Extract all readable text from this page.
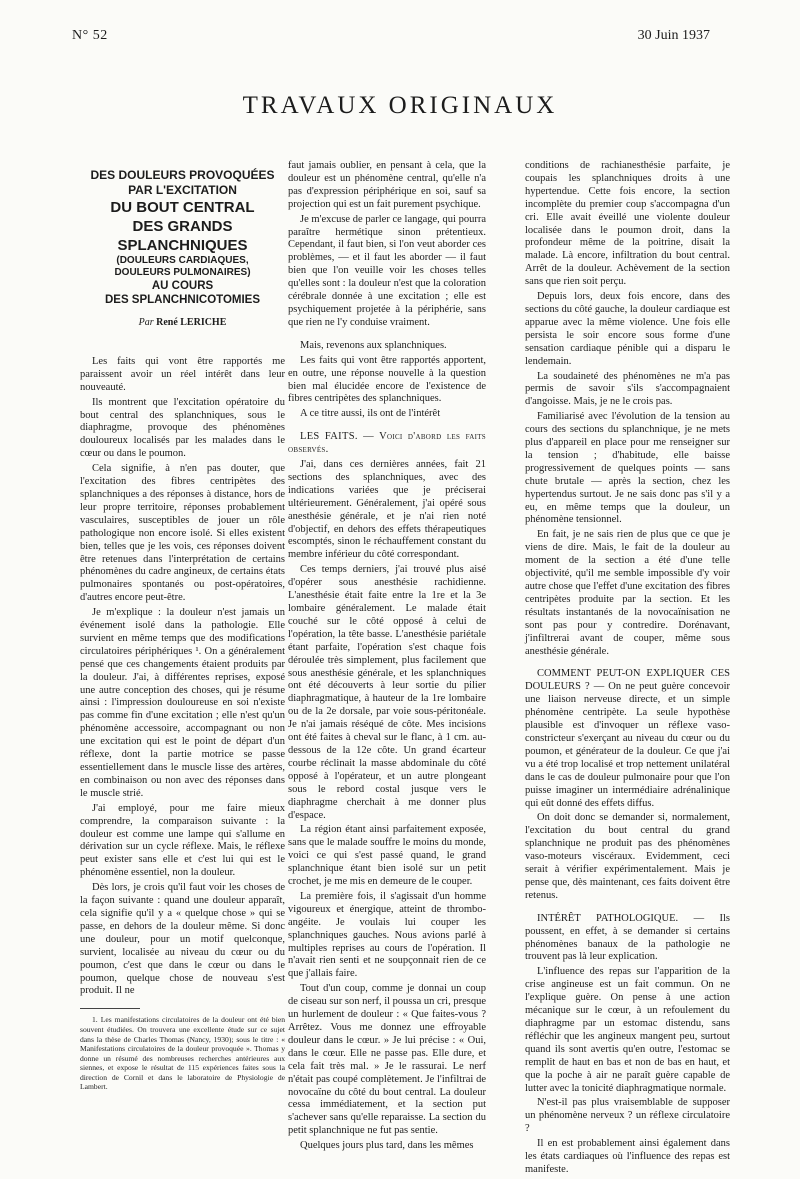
N° 52	30 Juin 1937
TRAVAUX ORIGINAUX
DES DOULEURS PROVOQUÉES
PAR L'EXCITATION
DU BOUT CENTRAL
DES GRANDS SPLANCHNIQUES
(DOULEURS CARDIAQUES,
DOULEURS PULMONAIRES)
AU COURS
DES SPLANCHNICOTOMIES
Par René LERICHE

Les faits qui vont être rapportés me paraissent avoir un réel intérêt dans leur nouveauté.

Ils montrent que l'excitation opératoire du bout central des splanchniques, sous le diaphragme, provoque des phénomènes douloureux localisés par les malades dans le cœur ou dans le poumon.

Cela signifie, à n'en pas douter, que l'excitation des fibres centripètes des splanchniques a des réponses à distance, hors de leur propre territoire, réponses probablement vasculaires, susceptibles de jouer un rôle pathologique non encore isolé. Si elles existent bien, telles que je les vois, ces réponses doivent être retenues dans l'interprétation de certains phénomènes du cadre angineux, de certains états pulmonaires spontanés ou post-opératoires, d'autres encore peut-être.

Je m'explique : la douleur n'est jamais un événement isolé dans la pathologie. Elle survient en même temps que des modifications circulatoires périphériques ¹. On a généralement pensé que ces changements étaient produits par la douleur. J'ai, à différentes reprises, exposé une autre conception des choses, qui je résume ainsi : l'impression douloureuse en soi n'existe pas comme fin d'une excitation ; elle n'est qu'un phénomène accessoire, accompagnant ou non une excitation qui est le point de départ d'un réflexe, dont la partie motrice se passe essentiellement dans le muscle lisse des artères, en combinaison ou non avec des réponses dans le muscle strié.

J'ai employé, pour me faire mieux comprendre, la comparaison suivante : la douleur est comme une lampe qui s'allume en dérivation sur un cycle réflexe. Mais, le réflexe peut exister sans elle et c'est lui qui est le phénomène essentiel, non la douleur.

Dès lors, je crois qu'il faut voir les choses de la façon suivante : quand une douleur apparaît, cela signifie qu'il y a « quelque chose » qui se passe, en dehors de la douleur même. Si donc une douleur, pour un motif quelconque, survient, localisée au niveau du cœur ou du poumon, c'est que dans le cœur ou dans le poumon, quelque chose de nouveau s'est produit. Il ne

1. Les manifestations circulatoires de la douleur ont été bien souvent étudiées. On trouvera une excellente étude sur ce sujet dans la thèse de Charles Thomas (Nancy, 1930); sous le titre : « Manifestations circulatoires de la douleur provoquée ». Thomas y donne un résumé des nombreuses recherches antérieures aux siennes, et expose le résultat de 115 expériences faites sous la direction de Cornil et dans le laboratoire de Physiologie de Lambert.

faut jamais oublier, en pensant à cela, que la douleur est un phénomène central, qu'elle n'a pas d'expression périphérique en soi, sauf sa projection qui est un fait purement psychique.

Je m'excuse de parler ce langage, qui pourra paraître hermétique sinon prétentieux. Cependant, il faut bien, si l'on veut aborder ces problèmes, — et il faut les aborder — il faut bien que l'on veuille voir les choses telles qu'elles sont : la douleur n'est que la coloration cérébrale donnée à une excitation ; elle est psychiquement projetée à la périphérie, sans que rien ne l'y conduise vraiment.

Mais, revenons aux splanchniques.

Les faits qui vont être rapportés apportent, en outre, une réponse nouvelle à la question bien mal élucidée encore de l'existence de fibres centripètes des splanchniques.

A ce titre aussi, ils ont de l'intérêt

LES FAITS. — Voici d'abord les faits observés.

J'ai, dans ces dernières années, fait 21 sections des splanchniques, avec des indications variées que je préciserai ultérieurement. Généralement, j'ai opéré sous anesthésie générale, et je n'ai rien noté d'objectif, en dehors des effets thérapeutiques escomptés, sinon le réchauffement constant du membre inférieur du côté correspondant.

Ces temps derniers, j'ai trouvé plus aisé d'opérer sous anesthésie rachidienne. L'anesthésie était faite entre la 1re et la 3e lombaire généralement. Le malade était couché sur le côté opposé à celui de l'opération, la tête basse. L'anesthésie pariétale étant parfaite, l'opération s'est chaque fois déroulée très simplement, plus facilement que sous anesthésie générale, et les splanchniques ont été découverts à leur sortie du pilier diaphragmatique, à hauteur de la 1re lombaire ou de la 2e dorsale, par voie sous-péritonéale. Je n'ai jamais réséqué de côte. Mes incisions ont été faites à cheval sur le flanc, à 1 cm. au-dessous de la 12e côte. Un grand écarteur courbe réclinait la masse abdominale du côté opposé à l'opérateur, et un autre plongeant sous le rebord costal jusque vers le diaphragme cherchait à me donner plus d'espace.

La région étant ainsi parfaitement exposée, sans que le malade souffre le moins du monde, voici ce qui s'est passé quand, le grand splanchnique étant bien isolé sur un petit crochet, je me mis en demeure de le couper.

La première fois, il s'agissait d'un homme vigoureux et énergique, atteint de thrombo-angéite. Je voulais lui couper les splanchniques gauches. Nous avions parlé à multiples reprises au cours de l'opération. Il n'avait rien senti et ne soupçonnait rien de ce que j'allais faire.

Tout d'un coup, comme je donnai un coup de ciseau sur son nerf, il poussa un cri, presque un hurlement de douleur : « Que faites-vous ? Arrêtez. Vous me donnez une effroyable douleur dans le cœur. » Je lui précise : « Oui, dans le cœur. Elle ne passe pas. Elle dure, et cela fait très mal. » Je le rassurai. Le nerf n'était pas coupé complètement. Je l'infiltrai de novocaïne du côté du bout central. La douleur cessa immédiatement, et la section put s'achever sans qu'elle reparaisse. La section du petit splanchnique ne fut pas sentie.

Quelques jours plus tard, dans les mêmes

conditions de rachianesthésie parfaite, je coupais les splanchniques droits à une hypertendue. Cette fois encore, la section incomplète du premier coup s'accompagna d'un cri. Elle avait éveillé une violente douleur localisée dans le poumon droit, dans la profondeur même de la poitrine, disait la malade. Là encore, infiltration du bout central. Arrêt de la douleur. Achèvement de la section sans que rien soit perçu.

Depuis lors, deux fois encore, dans des sections du côté gauche, la douleur cardiaque est apparue avec la même violence. Une fois elle persista le soir encore sous forme d'une sensation cardiaque pénible qui a disparu le lendemain.

La soudaineté des phénomènes ne m'a pas permis de savoir s'ils s'accompagnaient d'angoisse. Mais, je ne le crois pas.

Familiarisé avec l'évolution de la tension au cours des sections du splanchnique, je ne mets plus d'appareil en place pour me renseigner sur la tension ; d'habitude, elle baisse progressivement de quelques points — sans chute brutale — après la section, chez les hypertendus surtout. Je ne sais donc pas s'il y a eu, en même temps que la douleur, un phénomène tensionnel.

En fait, je ne sais rien de plus que ce que je viens de dire. Mais, le fait de la douleur au moment de la section a été d'une telle objectivité, qu'il me semble impossible d'y voir autre chose que l'effet d'une excitation des fibres centripètes produite par la section. Et les résultats instantanés de la novocaïnisation ne sont pas pour y contredire. Dorénavant, j'infiltrerai avant de couper, même sous anesthésie générale.

COMMENT PEUT-ON EXPLIQUER CES DOULEURS ? — On ne peut guère concevoir une liaison nerveuse directe, et un simple phénomène centripète. La seule hypothèse plausible est d'invoquer un réflexe vaso-constricteur s'exerçant au niveau du cœur ou du poumon, et générateur de la douleur. Ce que j'ai vu a été trop localisé et trop nettement unilatéral dans le cas de douleur pulmonaire pour que l'on puisse imaginer un intermédiaire adrénalinique qui eût donné des effets diffus.

On doit donc se demander si, normalement, l'excitation du bout central du grand splanchnique ne produit pas des phénomènes vaso-moteurs viscéraux. Evidemment, ceci serait à vérifier expérimentalement. Mais je pense que, dès maintenant, ces faits doivent être retenus.

INTÉRÊT PATHOLOGIQUE. — Ils poussent, en effet, à se demander si certains phénomènes banaux de la pathologie ne trouvent pas là leur explication.

L'influence des repas sur l'apparition de la crise angineuse est un fait commun. On ne l'explique guère. On pense à une action mécanique sur le cœur, à un refoulement du diaphragme par un estomac distendu, sans réfléchir que les angineux mangent peu, surtout quand ils sont avertis qu'en outre, l'estomac se remplit de haut en bas et non de bas en haut, et que la poche à air ne paraît guère capable de lutter avec la tonicité diaphragmatique normale.

N'est-il pas plus vraisemblable de supposer un phénomène nerveux ? un réflexe circulatoire ?

Il en est probablement ainsi également dans les états cardiaques où l'influence des repas est manifeste.
